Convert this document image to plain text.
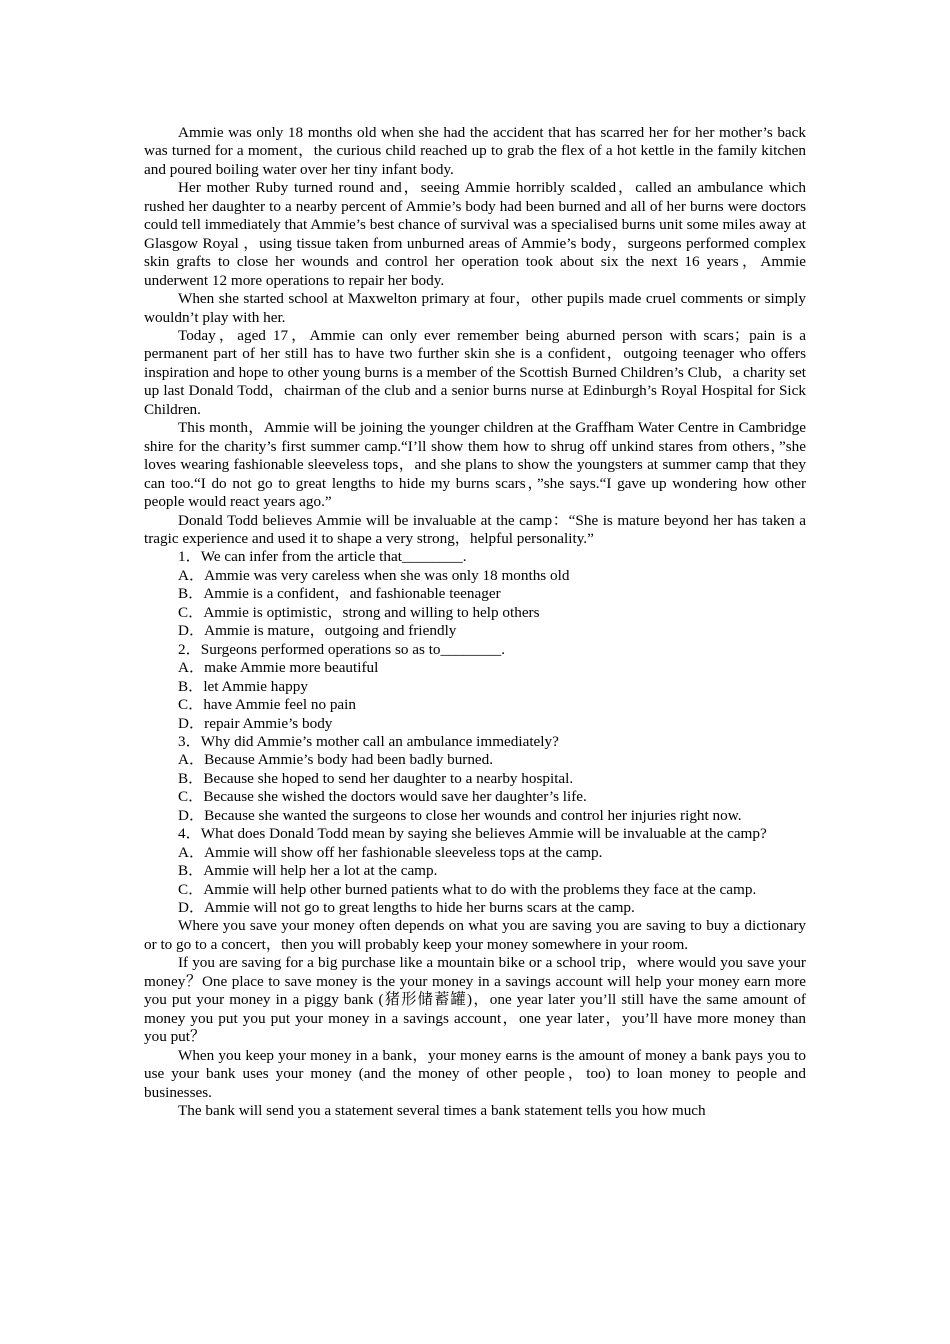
Ammie was only 18 months old when she had the accident that has scarred her for her mother’s back was turned for a moment，the curious child reached up to grab the flex of a hot kettle in the family kitchen and poured boiling water over her tiny infant body.

Her mother Ruby turned round and，seeing Ammie horribly scalded，called an ambulance which rushed her daughter to a nearby percent of Ammie’s body had been burned and all of her burns were doctors could tell immediately that Ammie’s best chance of survival was a specialised burns unit some miles away at Glasgow Royal ，using tissue taken from unburned areas of Ammie’s body，surgeons performed complex skin grafts to close her wounds and control her operation took about six the next 16 years，Ammie underwent 12 more operations to repair her body.

When she started school at Maxwelton primary at four，other pupils made cruel comments or simply wouldn’t play with her.

Today，aged 17，Ammie can only ever remember being aburned person with scars；pain is a permanent part of her still has to have two further skin she is a confident，outgoing teenager who offers inspiration and hope to other young burns is a member of the Scottish Burned Children’s Club，a charity set up last Donald Todd，chairman of the club and a senior burns nurse at Edinburgh’s Royal Hospital for Sick Children.

This month，Ammie will be joining the younger children at the Graffham Water Centre in Cambridge shire for the charity’s first summer camp.“I’ll show them how to shrug off unkind stares from others，”she loves wearing fashionable sleeveless tops，and she plans to show the youngsters at summer camp that they can too.“I do not go to great lengths to hide my burns scars，”she says.“I gave up wondering how other people would react years ago.”

Donald Todd believes Ammie will be invaluable at the camp：“She is mature beyond her has taken a tragic experience and used it to shape a very strong，helpful personality.”

1．We can infer from the article that________.

A．Ammie was very careless when she was only 18 months old

B．Ammie is a confident，and fashionable teenager

C．Ammie is optimistic，strong and willing to help others

D．Ammie is mature，outgoing and friendly

2．Surgeons performed operations so as to________.

A．make Ammie more beautiful

B．let Ammie happy

C．have Ammie feel no pain

D．repair Ammie’s body

3．Why did Ammie’s mother call an ambulance immediately?

A．Because Ammie’s body had been badly burned.

B．Because she hoped to send her daughter to a nearby hospital.

C．Because she wished the doctors would save her daughter’s life.

D．Because she wanted the surgeons to close her wounds and control her injuries right now.

4．What does Donald Todd mean by saying she believes Ammie will be invaluable at the camp?

A．Ammie will show off her fashionable sleeveless tops at the camp.

B．Ammie will help her a lot at the camp.

C．Ammie will help other burned patients what to do with the problems they face at the camp.

D．Ammie will not go to great lengths to hide her burns scars at the camp.

Where you save your money often depends on what you are saving you are saving to buy a dictionary or to go to a concert，then you will probably keep your money somewhere in your room.

If you are saving for a big purchase like a mountain bike or a school trip，where would you save your money？One place to save money is the your money in a savings account will help your money earn more you put your money in a piggy bank (猪形储蓄罐)，one year later you’ll still have the same amount of money you put you put your money in a savings account，one year later，you’ll have more money than you put？

When you keep your money in a bank，your money earns is the amount of money a bank pays you to use your bank uses your money (and the money of other people，too) to loan money to people and businesses.

The bank will send you a statement several times a bank statement tells you how much
